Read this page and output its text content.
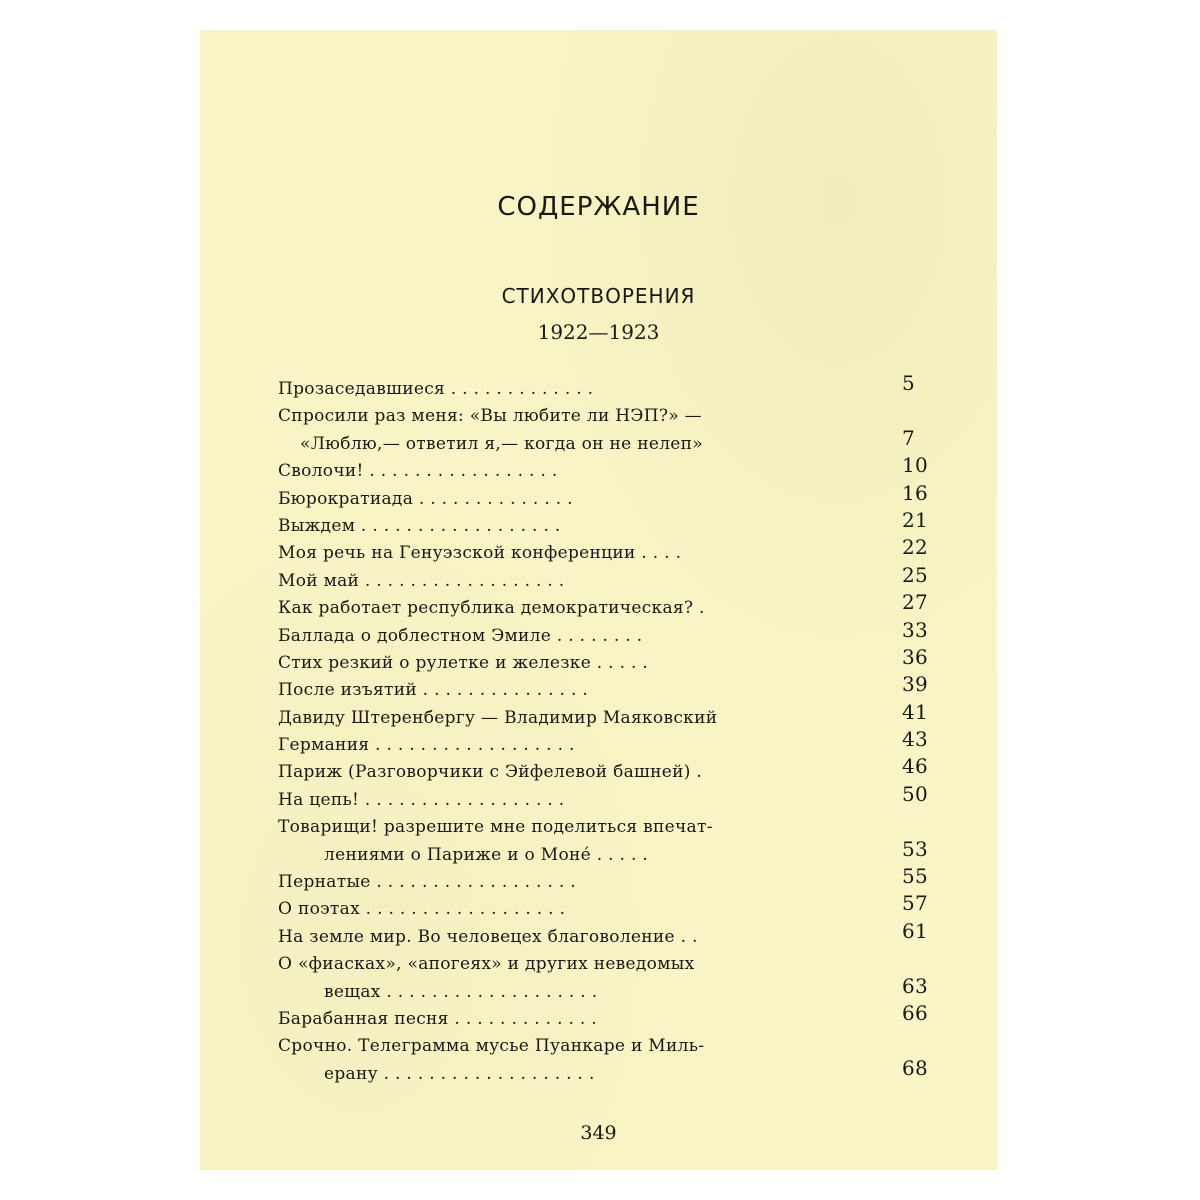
СОДЕРЖАНИЕ
СТИХОТВОРЕНИЯ
1922—1923
Прозаседавшиеся . . . . . . . . . . . . .	5
Спросили раз меня: «Вы любите ли НЭП?» —
«Люблю,— ответил я,— когда он не нелеп»	7
Сволочи! . . . . . . . . . . . . . . . . .	10
Бюрократиада . . . . . . . . . . . . . .	16
Выждем . . . . . . . . . . . . . . . . . .	21
Моя речь на Генуэзской конференции . . . .	22
Мой май . . . . . . . . . . . . . . . . . .	25
Как работает республика демократическая? .	27
Баллада о доблестном Эмиле . . . . . . . .	33
Стих резкий о рулетке и железке . . . . .	36
После изъятий . . . . . . . . . . . . . . .	39
Давиду Штеренбергу — Владимир Маяковский	41
Германия . . . . . . . . . . . . . . . . . .	43
Париж (Разговорчики с Эйфелевой башней) .	46
На цепь! . . . . . . . . . . . . . . . . . .	50
Товарищи! разрешите мне поделиться впечат-
лениями о Париже и о Моне́ . . . . .	53
Пернатые . . . . . . . . . . . . . . . . . .	55
О поэтах . . . . . . . . . . . . . . . . . .	57
На земле мир. Во человецех благоволение . .	61
О «фиасках», «апогеях» и других неведомых
вещах . . . . . . . . . . . . . . . . . . .	63
Барабанная песня . . . . . . . . . . . . .	66
Срочно. Телеграмма мусье Пуанкаре и Миль-
ерану . . . . . . . . . . . . . . . . . . .	68
349
